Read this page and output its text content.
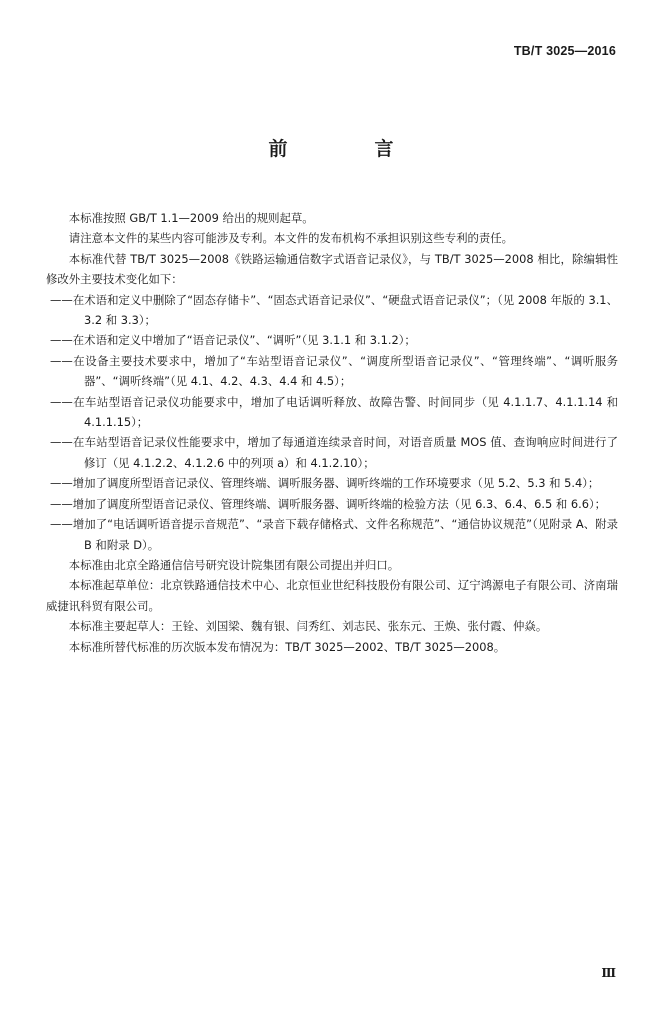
TB/T 3025—2016
前　言

本标准按照 GB/T 1.1—2009 给出的规则起草。

请注意本文件的某些内容可能涉及专利。本文件的发布机构不承担识别这些专利的责任。

本标准代替 TB/T 3025—2008《铁路运输通信数字式语音记录仪》，与 TB/T 3025—2008 相比，除编辑性修改外主要技术变化如下：

——在术语和定义中删除了“固态存储卡”、“固态式语音记录仪”、“硬盘式语音记录仪”；（见 2008 年版的 3.1、3.2 和 3.3）；

——在术语和定义中增加了“语音记录仪”、“调听”（见 3.1.1 和 3.1.2）；

——在设备主要技术要求中，增加了“车站型语音记录仪”、“调度所型语音记录仪”、“管理终端”、“调听服务器”、“调听终端”（见 4.1、4.2、4.3、4.4 和 4.5）；

——在车站型语音记录仪功能要求中，增加了电话调听释放、故障告警、时间同步（见 4.1.1.7、4.1.1.14 和 4.1.1.15）；

——在车站型语音记录仪性能要求中，增加了每通道连续录音时间，对语音质量 MOS 值、查询响应时间进行了修订（见 4.1.2.2、4.1.2.6 中的列项 a）和 4.1.2.10）；

——增加了调度所型语音记录仪、管理终端、调听服务器、调听终端的工作环境要求（见 5.2、5.3 和 5.4）；

——增加了调度所型语音记录仪、管理终端、调听服务器、调听终端的检验方法（见 6.3、6.4、6.5 和 6.6）；

——增加了“电话调听语音提示音规范”、“录音下载存储格式、文件名称规范”、“通信协议规范”（见附录 A、附录 B 和附录 D）。

本标准由北京全路通信信号研究设计院集团有限公司提出并归口。

本标准起草单位：北京铁路通信技术中心、北京恒业世纪科技股份有限公司、辽宁鸿源电子有限公司、济南瑞威捷讯科贸有限公司。

本标准主要起草人：王铨、刘国梁、魏有银、闫秀红、刘志民、张东元、王焕、张付霞、仲焱。

本标准所替代标准的历次版本发布情况为：TB/T 3025—2002、TB/T 3025—2008。

Ⅲ
